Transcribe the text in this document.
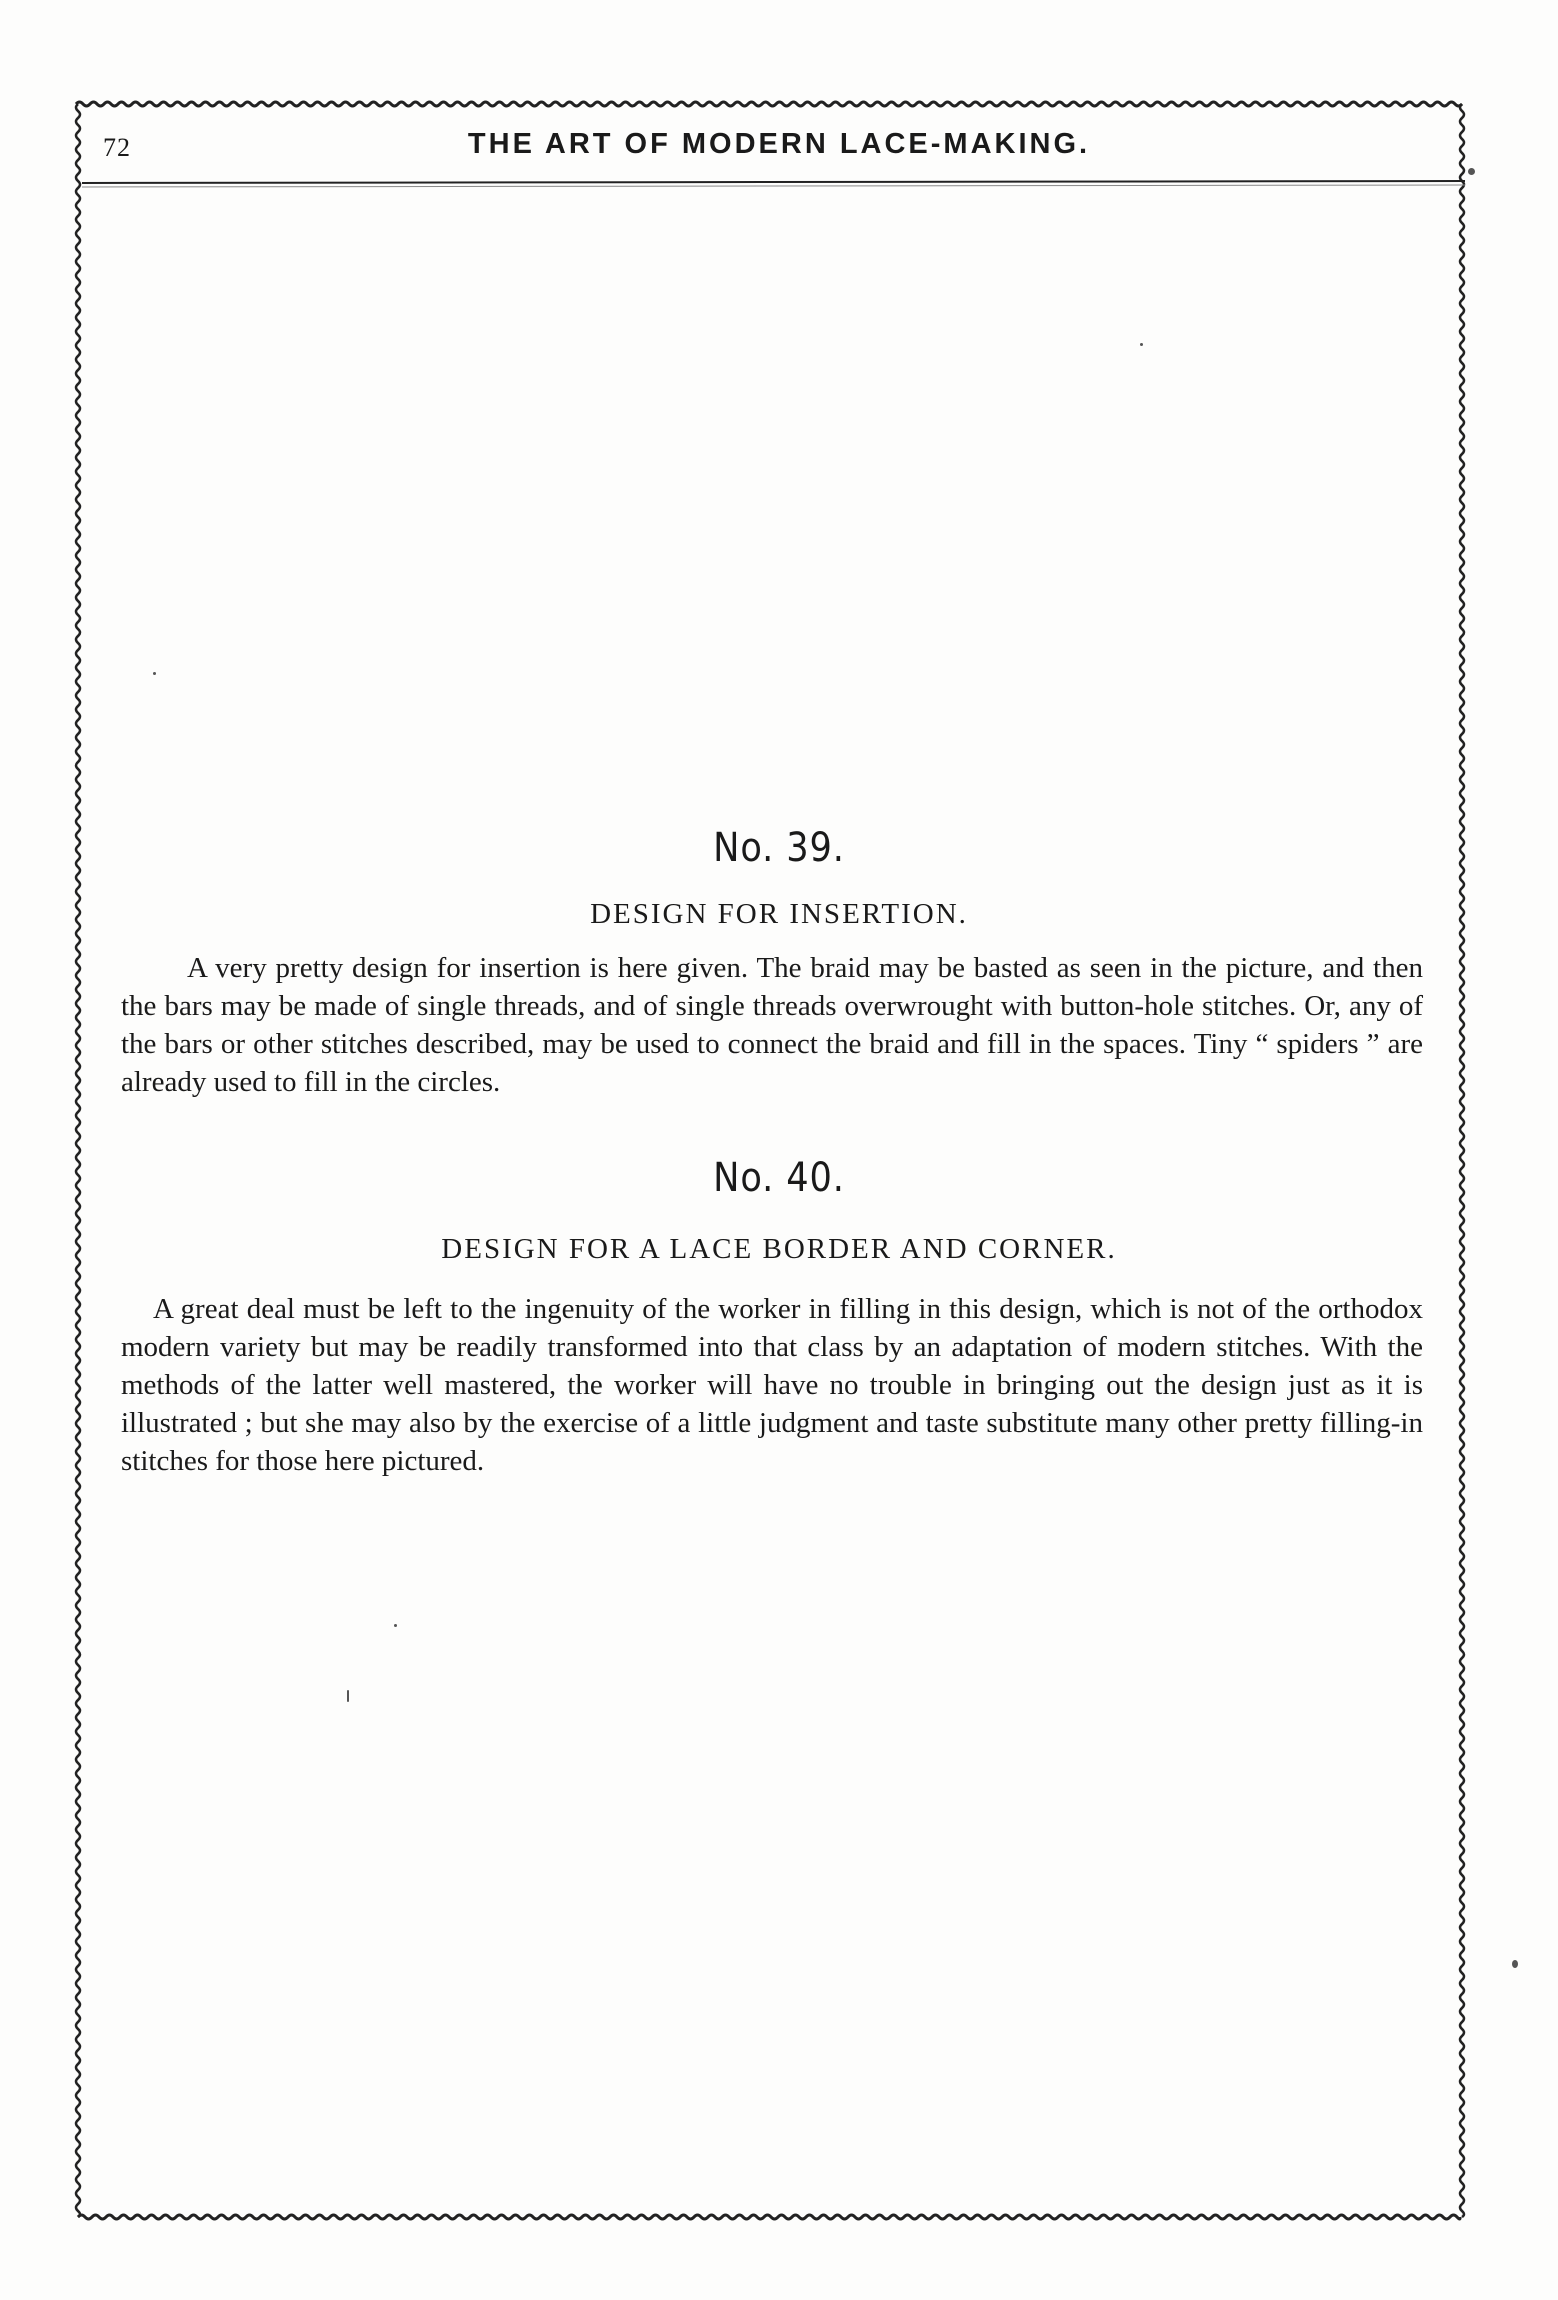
72	THE ART OF MODERN LACE-MAKING.
No. 39.
DESIGN FOR INSERTION.
A very pretty design for insertion is here given. The braid may be basted as seen in the picture, and then the bars may be made of single threads, and of single threads overwrought with button-hole stitches. Or, any of the bars or other stitches described, may be used to connect the braid and fill in the spaces. Tiny “ spiders ” are already used to fill in the circles.
No. 40.
DESIGN FOR A LACE BORDER AND CORNER.
A great deal must be left to the ingenuity of the worker in filling in this design, which is not of the orthodox modern variety but may be readily transformed into that class by an adaptation of modern stitches. With the methods of the latter well mastered, the worker will have no trouble in bringing out the design just as it is illustrated ; but she may also by the exercise of a little judgment and taste substitute many other pretty filling-in stitches for those here pictured.
